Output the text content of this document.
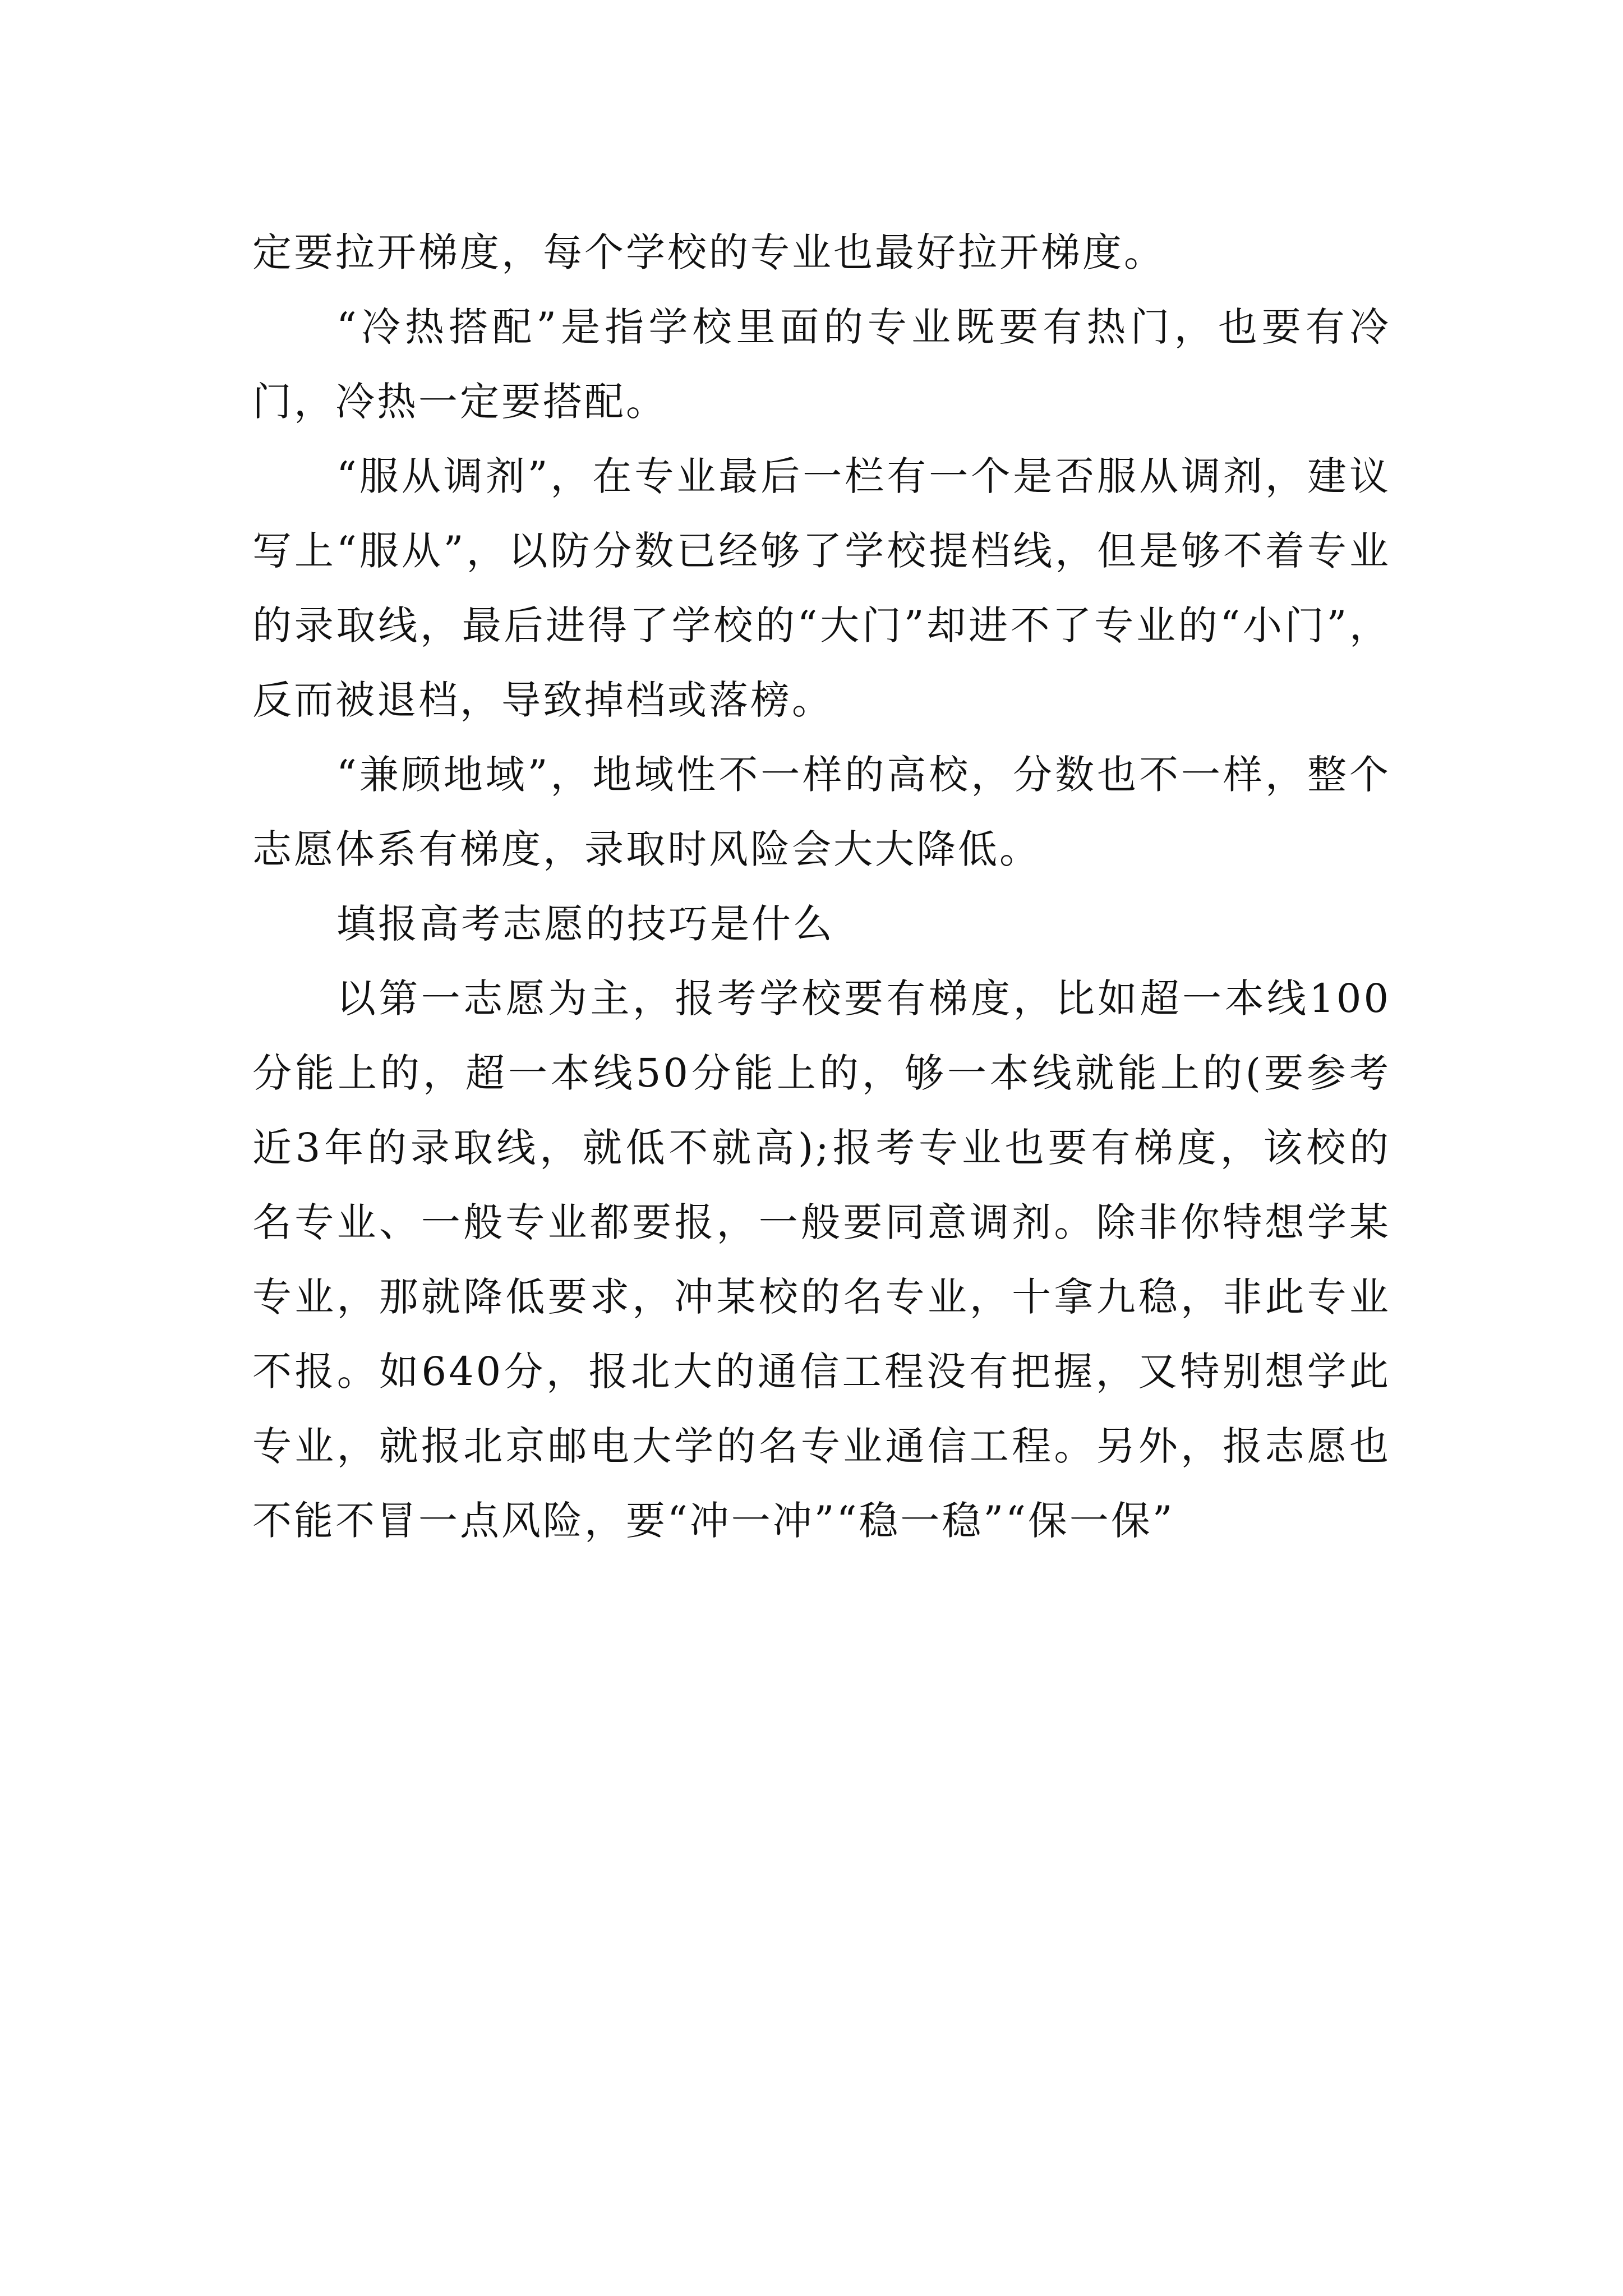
定要拉开梯度，每个学校的专业也最好拉开梯度。

“冷热搭配”是指学校里面的专业既要有热门，也要有冷门，冷热一定要搭配。

“服从调剂”，在专业最后一栏有一个是否服从调剂，建议写上“服从”，以防分数已经够了学校提档线，但是够不着专业的录取线，最后进得了学校的“大门”却进不了专业的“小门”，反而被退档，导致掉档或落榜。

“兼顾地域”，地域性不一样的高校，分数也不一样，整个志愿体系有梯度，录取时风险会大大降低。

填报高考志愿的技巧是什么

以第一志愿为主，报考学校要有梯度，比如超一本线100分能上的，超一本线50分能上的，够一本线就能上的(要参考近3年的录取线，就低不就高);报考专业也要有梯度，该校的名专业、一般专业都要报，一般要同意调剂。除非你特想学某专业，那就降低要求，冲某校的名专业，十拿九稳，非此专业不报。如640分，报北大的通信工程没有把握，又特别想学此专业，就报北京邮电大学的名专业通信工程。另外，报志愿也不能不冒一点风险，要“冲一冲”“稳一稳”“保一保”
